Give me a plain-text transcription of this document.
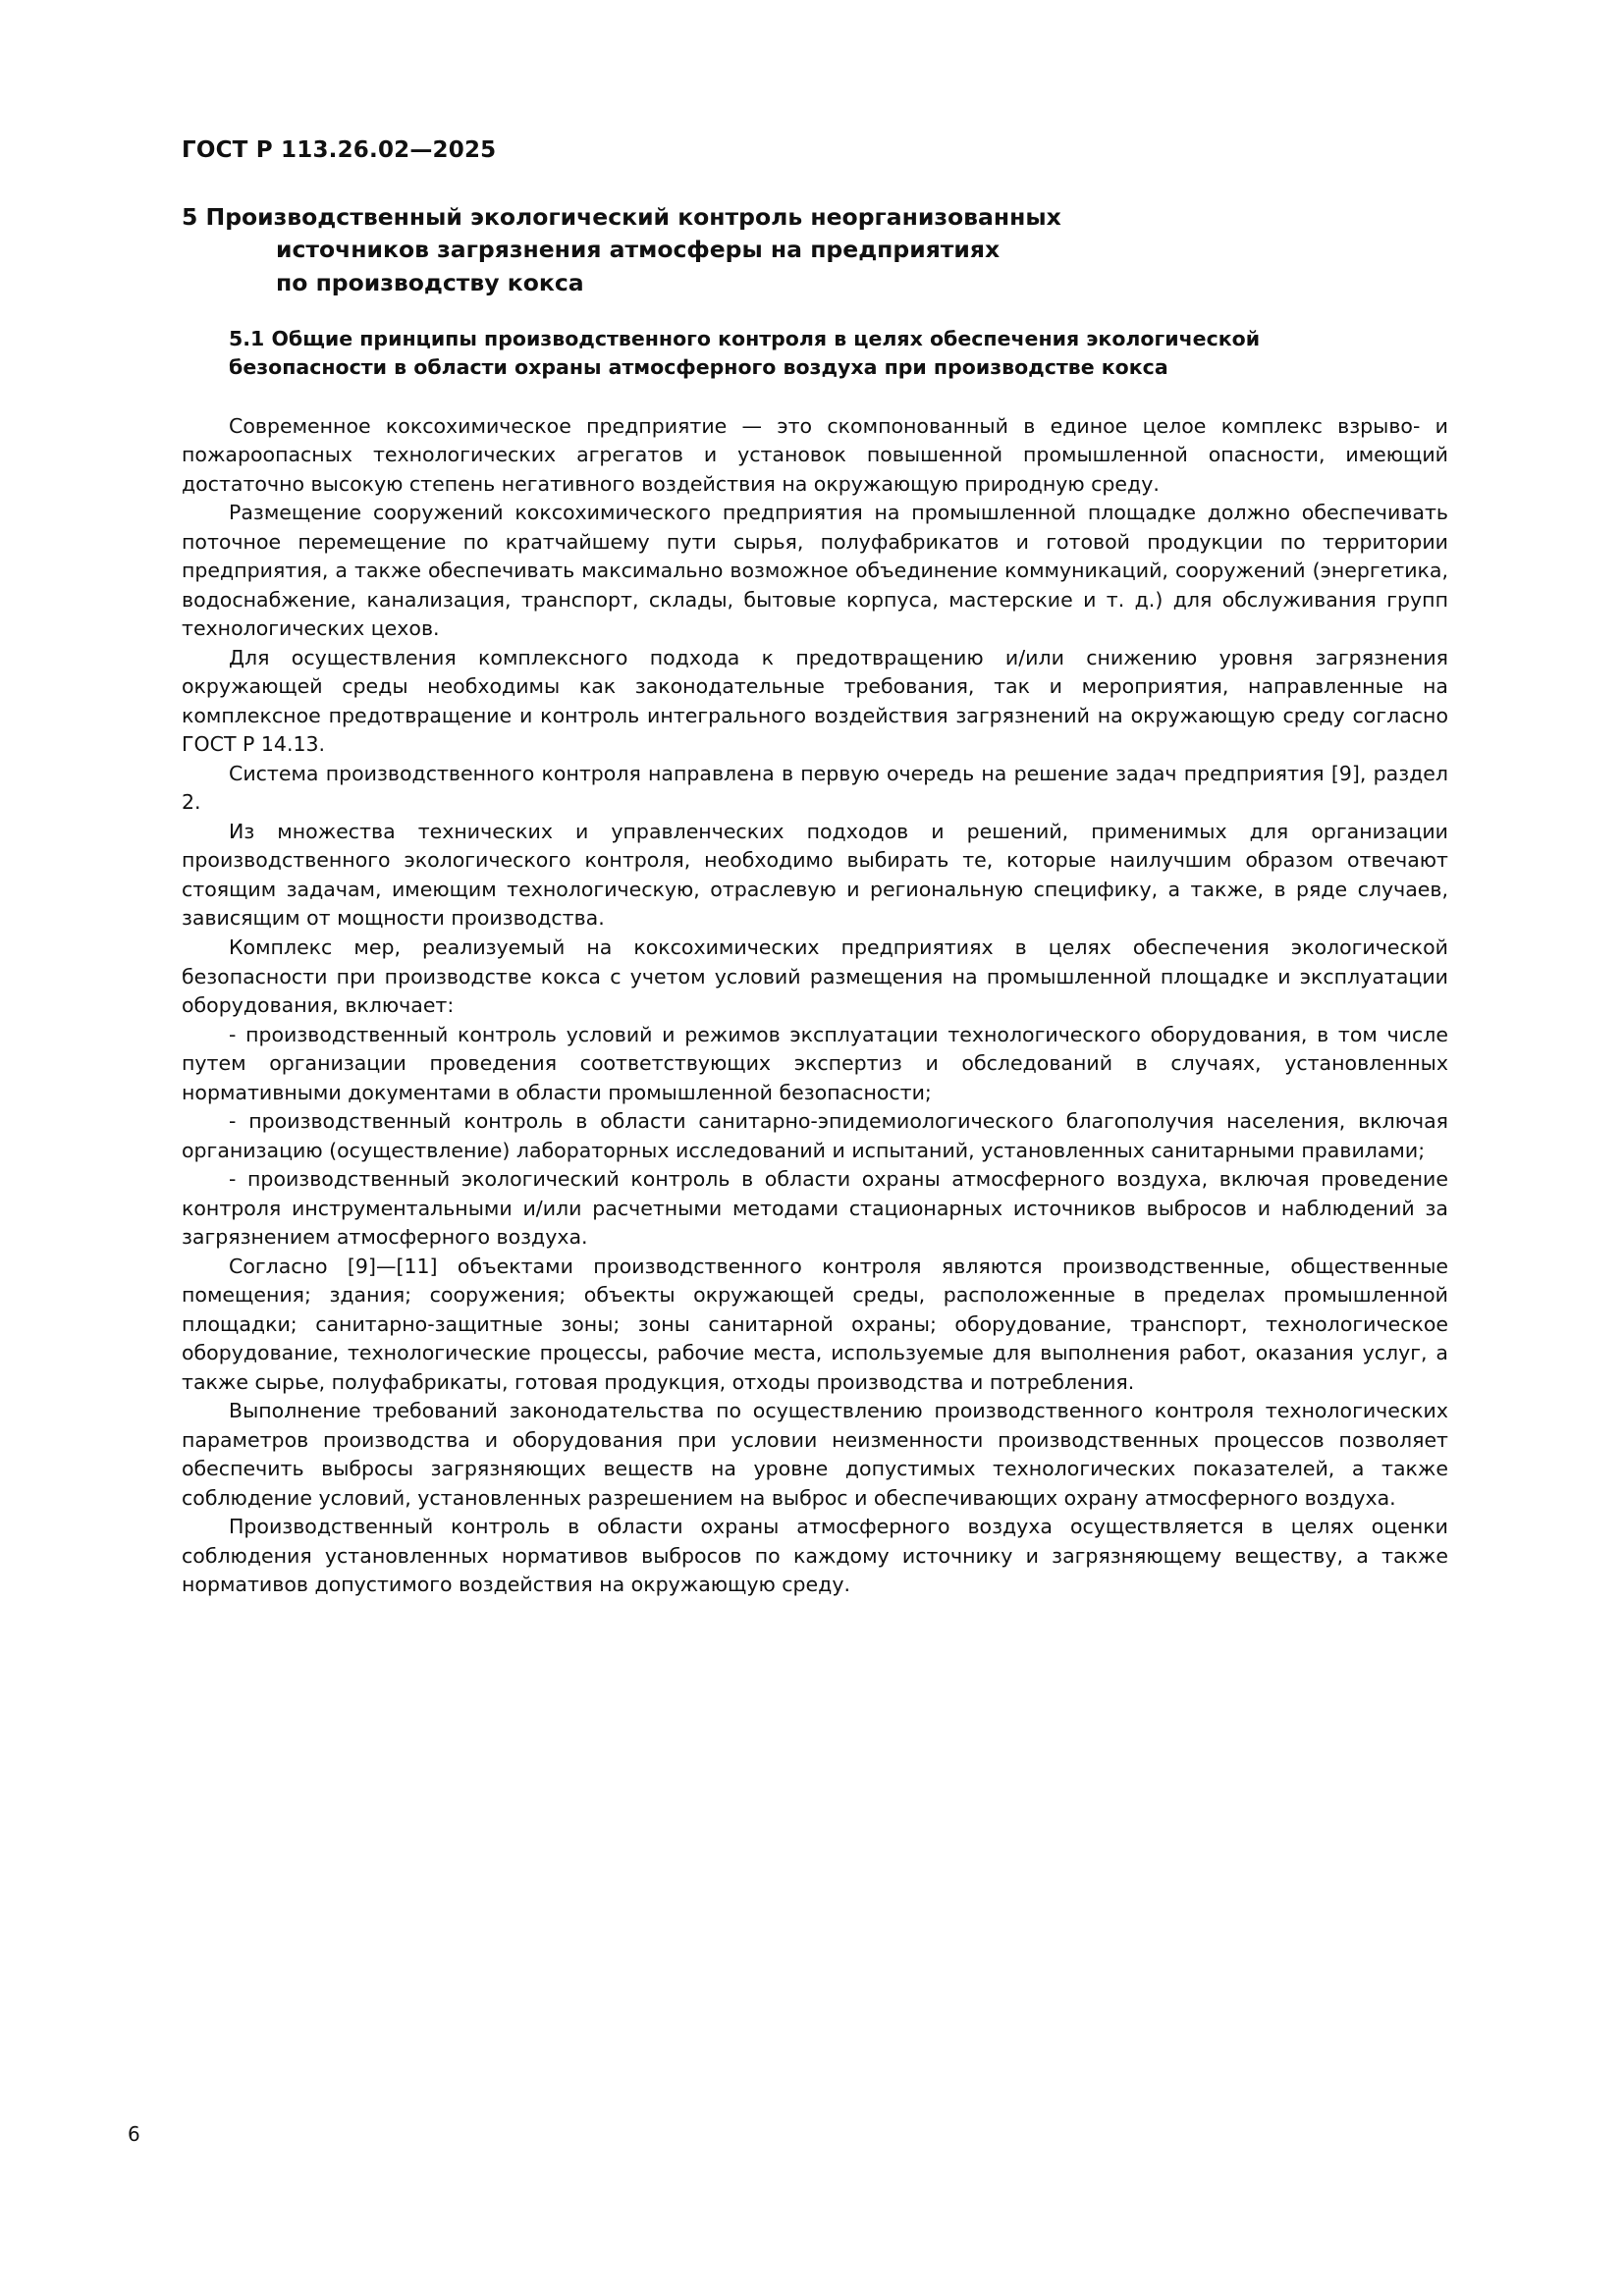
ГОСТ Р 113.26.02—2025
5 Производственный экологический контроль неорганизованных
источников загрязнения атмосферы на предприятиях
по производству кокса
5.1 Общие принципы производственного контроля в целях обеспечения экологической безопасности в области охраны атмосферного воздуха при производстве кокса

Современное коксохимическое предприятие — это скомпонованный в единое целое комплекс взрыво- и пожароопасных технологических агрегатов и установок повышенной промышленной опасности, имеющий достаточно высокую степень негативного воздействия на окружающую природную среду.

Размещение сооружений коксохимического предприятия на промышленной площадке должно обеспечивать поточное перемещение по кратчайшему пути сырья, полуфабрикатов и готовой продукции по территории предприятия, а также обеспечивать максимально возможное объединение коммуникаций, сооружений (энергетика, водоснабжение, канализация, транспорт, склады, бытовые корпуса, мастерские и т. д.) для обслуживания групп технологических цехов.

Для осуществления комплексного подхода к предотвращению и/или снижению уровня загрязнения окружающей среды необходимы как законодательные требования, так и мероприятия, направленные на комплексное предотвращение и контроль интегрального воздействия загрязнений на окружающую среду согласно ГОСТ Р 14.13.

Система производственного контроля направлена в первую очередь на решение задач предприятия [9], раздел 2.

Из множества технических и управленческих подходов и решений, применимых для организации производственного экологического контроля, необходимо выбирать те, которые наилучшим образом отвечают стоящим задачам, имеющим технологическую, отраслевую и региональную специфику, а также, в ряде случаев, зависящим от мощности производства.

Комплекс мер, реализуемый на коксохимических предприятиях в целях обеспечения экологической безопасности при производстве кокса с учетом условий размещения на промышленной площадке и эксплуатации оборудования, включает:

- производственный контроль условий и режимов эксплуатации технологического оборудования, в том числе путем организации проведения соответствующих экспертиз и обследований в случаях, установленных нормативными документами в области промышленной безопасности;

- производственный контроль в области санитарно-эпидемиологического благополучия населения, включая организацию (осуществление) лабораторных исследований и испытаний, установленных санитарными правилами;

- производственный экологический контроль в области охраны атмосферного воздуха, включая проведение контроля инструментальными и/или расчетными методами стационарных источников выбросов и наблюдений за загрязнением атмосферного воздуха.

Согласно [9]—[11] объектами производственного контроля являются производственные, общественные помещения; здания; сооружения; объекты окружающей среды, расположенные в пределах промышленной площадки; санитарно-защитные зоны; зоны санитарной охраны; оборудование, транспорт, технологическое оборудование, технологические процессы, рабочие места, используемые для выполнения работ, оказания услуг, а также сырье, полуфабрикаты, готовая продукция, отходы производства и потребления.

Выполнение требований законодательства по осуществлению производственного контроля технологических параметров производства и оборудования при условии неизменности производственных процессов позволяет обеспечить выбросы загрязняющих веществ на уровне допустимых технологических показателей, а также соблюдение условий, установленных разрешением на выброс и обеспечивающих охрану атмосферного воздуха.

Производственный контроль в области охраны атмосферного воздуха осуществляется в целях оценки соблюдения установленных нормативов выбросов по каждому источнику и загрязняющему веществу, а также нормативов допустимого воздействия на окружающую среду.

6
